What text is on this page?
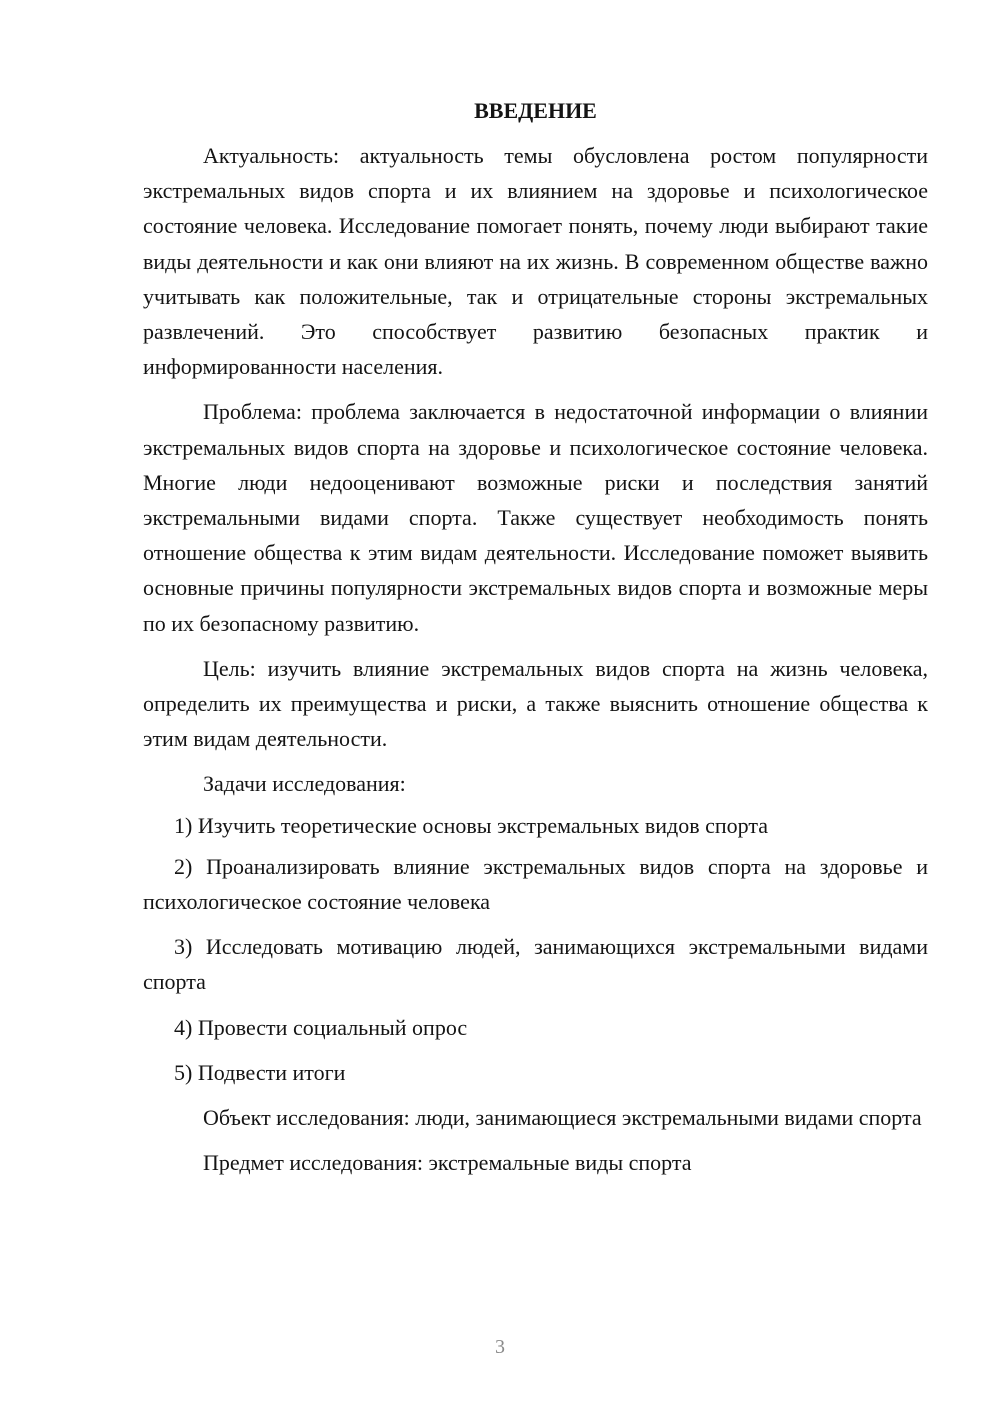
ВВЕДЕНИЕ

Актуальность: актуальность темы обусловлена ростом популярности экстремальных видов спорта и их влиянием на здоровье и психологическое состояние человека. Исследование помогает понять, почему люди выбирают такие виды деятельности и как они влияют на их жизнь. В современном обществе важно учитывать как положительные, так и отрицательные стороны экстремальных развлечений. Это способствует развитию безопасных практик и информированности населения.

Проблема: проблема заключается в недостаточной информации о влиянии экстремальных видов спорта на здоровье и психологическое состояние человека. Многие люди недооценивают возможные риски и последствия занятий экстремальными видами спорта. Также существует необходимость понять отношение общества к этим видам деятельности. Исследование поможет выявить основные причины популярности экстремальных видов спорта и возможные меры по их безопасному развитию.

Цель: изучить влияние экстремальных видов спорта на жизнь человека, определить их преимущества и риски, а также выяснить отношение общества к этим видам деятельности.

Задачи исследования:

1) Изучить теоретические основы экстремальных видов спорта

2) Проанализировать влияние экстремальных видов спорта на здоровье и психологическое состояние человека

3) Исследовать мотивацию людей, занимающихся экстремальными видами спорта

4) Провести социальный опрос

5) Подвести итоги

Объект исследования: люди, занимающиеся экстремальными видами спорта

Предмет исследования: экстремальные виды спорта

3
